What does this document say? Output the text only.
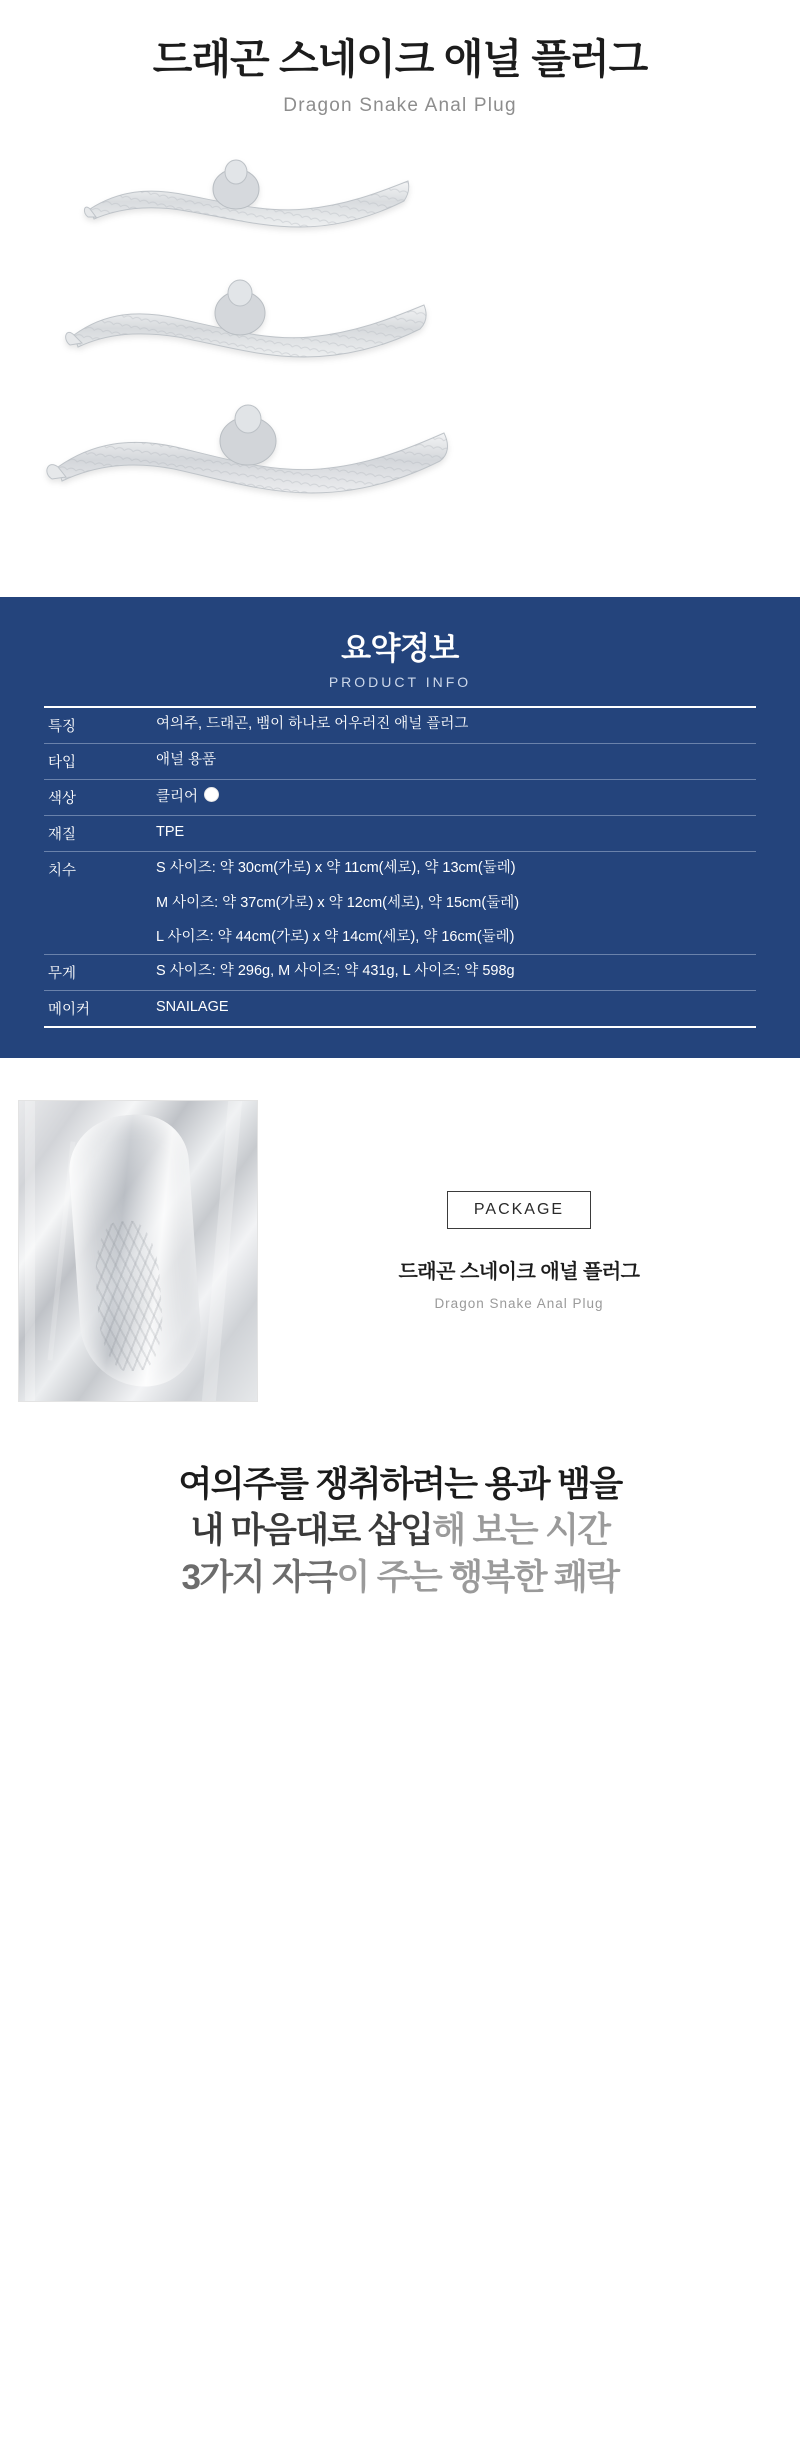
드래곤 스네이크 애널 플러그
Dragon Snake Anal Plug
요약정보
PRODUCT INFO
특징	여의주, 드래곤, 뱀이 하나로 어우러진 애널 플러그
타입	애널 용품
색상	클리어
재질	TPE
치수	S 사이즈: 약 30cm(가로) x 약 11cm(세로), 약 13cm(둘레)
	M 사이즈: 약 37cm(가로) x 약 12cm(세로), 약 15cm(둘레)
	L 사이즈: 약 44cm(가로) x 약 14cm(세로), 약 16cm(둘레)
무게	S 사이즈: 약 296g, M 사이즈: 약 431g, L 사이즈: 약 598g
메이커	SNAILAGE
PACKAGE
드래곤 스네이크 애널 플러그
Dragon Snake Anal Plug
여의주를 쟁취하려는 용과 뱀을
내 마음대로 삽입해 보는 시간
3가지 자극이 주는 행복한 쾌락
